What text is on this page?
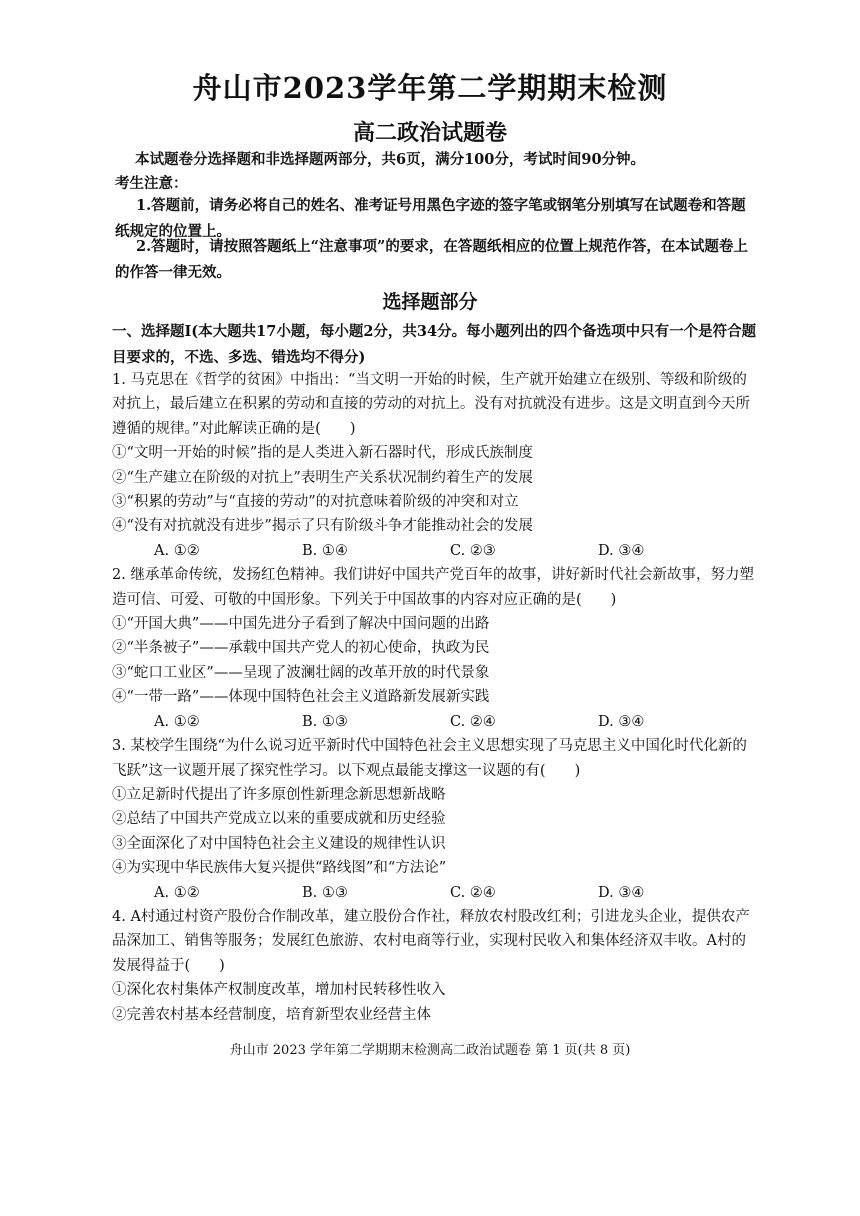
舟山市2023学年第二学期期末检测
高二政治试题卷
本试题卷分选择题和非选择题两部分，共6页，满分100分，考试时间90分钟。
考生注意：
1.答题前，请务必将自己的姓名、准考证号用黑色字迹的签字笔或钢笔分别填写在试题卷和答题纸规定的位置上。
2.答题时，请按照答题纸上“注意事项”的要求，在答题纸相应的位置上规范作答，在本试题卷上的作答一律无效。
选择题部分
一、选择题Ⅰ(本大题共17小题，每小题2分，共34分。每小题列出的四个备选项中只有一个是符合题目要求的，不选、多选、错选均不得分)

1. 马克思在《哲学的贫困》中指出：“当文明一开始的时候，生产就开始建立在级别、等级和阶级的对抗上，最后建立在积累的劳动和直接的劳动的对抗上。没有对抗就没有进步。这是文明直到今天所遵循的规律。”对此解读正确的是(　　)

①“文明一开始的时候”指的是人类进入新石器时代，形成氏族制度

②“生产建立在阶级的对抗上”表明生产关系状况制约着生产的发展

③“积累的劳动”与“直接的劳动”的对抗意味着阶级的冲突和对立

④“没有对抗就没有进步”揭示了只有阶级斗争才能推动社会的发展

A. ①②	B. ①④	C. ②③	D. ③④

2. 继承革命传统，发扬红色精神。我们讲好中国共产党百年的故事，讲好新时代社会新故事，努力塑造可信、可爱、可敬的中国形象。下列关于中国故事的内容对应正确的是(　　)

①“开国大典”——中国先进分子看到了解决中国问题的出路

②“半条被子”——承载中国共产党人的初心使命，执政为民

③“蛇口工业区”——呈现了波澜壮阔的改革开放的时代景象

④“一带一路”——体现中国特色社会主义道路新发展新实践

A. ①②	B. ①③	C. ②④	D. ③④

3. 某校学生围绕“为什么说习近平新时代中国特色社会主义思想实现了马克思主义中国化时代化新的飞跃”这一议题开展了探究性学习。以下观点最能支撑这一议题的有(　　)

①立足新时代提出了许多原创性新理念新思想新战略

②总结了中国共产党成立以来的重要成就和历史经验

③全面深化了对中国特色社会主义建设的规律性认识

④为实现中华民族伟大复兴提供“路线图”和“方法论”

A. ①②	B. ①③	C. ②④	D. ③④

4. A村通过村资产股份合作制改革，建立股份合作社，释放农村股改红利；引进龙头企业，提供农产品深加工、销售等服务；发展红色旅游、农村电商等行业，实现村民收入和集体经济双丰收。A村的发展得益于(　　)

①深化农村集体产权制度改革，增加村民转移性收入

②完善农村基本经营制度，培育新型农业经营主体

舟山市 2023 学年第二学期期末检测高二政治试题卷 第 1 页(共 8 页)
